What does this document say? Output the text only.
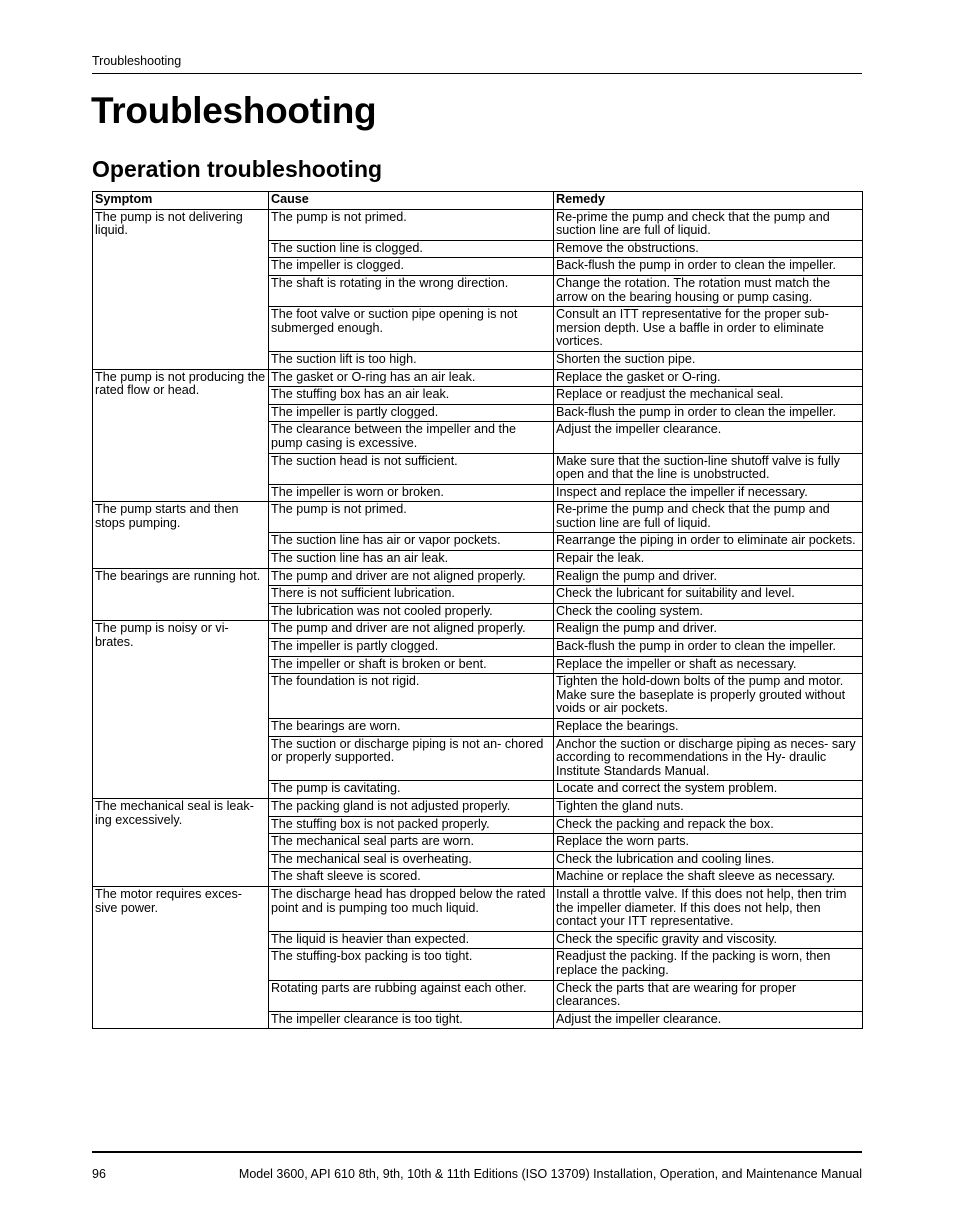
Troubleshooting
Troubleshooting
Operation troubleshooting
Symptom	Cause	Remedy
The pump is not delivering liquid.	The pump is not primed.	Re-prime the pump and check that the pump and suction line are full of liquid.
	The suction line is clogged.	Remove the obstructions.
	The impeller is clogged.	Back-flush the pump in order to clean the impeller.
	The shaft is rotating in the wrong direction.	Change the rotation. The rotation must match the arrow on the bearing housing or pump casing.
	The foot valve or suction pipe opening is not submerged enough.	Consult an ITT representative for the proper sub- mersion depth. Use a baffle in order to eliminate vortices.
	The suction lift is too high.	Shorten the suction pipe.
The pump is not producing the rated flow or head.	The gasket or O-ring has an air leak.	Replace the gasket or O-ring.
	The stuffing box has an air leak.	Replace or readjust the mechanical seal.
	The impeller is partly clogged.	Back-flush the pump in order to clean the impeller.
	The clearance between the impeller and the pump casing is excessive.	Adjust the impeller clearance.
	The suction head is not sufficient.	Make sure that the suction-line shutoff valve is fully open and that the line is unobstructed.
	The impeller is worn or broken.	Inspect and replace the impeller if necessary.
The pump starts and then stops pumping.	The pump is not primed.	Re-prime the pump and check that the pump and suction line are full of liquid.
	The suction line has air or vapor pockets.	Rearrange the piping in order to eliminate air pockets.
	The suction line has an air leak.	Repair the leak.
The bearings are running hot.	The pump and driver are not aligned properly.	Realign the pump and driver.
	There is not sufficient lubrication.	Check the lubricant for suitability and level.
	The lubrication was not cooled properly.	Check the cooling system.
The pump is noisy or vi- brates.	The pump and driver are not aligned properly.	Realign the pump and driver.
	The impeller is partly clogged.	Back-flush the pump in order to clean the impeller.
	The impeller or shaft is broken or bent.	Replace the impeller or shaft as necessary.
	The foundation is not rigid.	Tighten the hold-down bolts of the pump and motor. Make sure the baseplate is properly grouted without voids or air pockets.
	The bearings are worn.	Replace the bearings.
	The suction or discharge piping is not an- chored or properly supported.	Anchor the suction or discharge piping as neces- sary according to recommendations in the Hy- draulic Institute Standards Manual.
	The pump is cavitating.	Locate and correct the system problem.
The mechanical seal is leak- ing excessively.	The packing gland is not adjusted properly.	Tighten the gland nuts.
	The stuffing box is not packed properly.	Check the packing and repack the box.
	The mechanical seal parts are worn.	Replace the worn parts.
	The mechanical seal is overheating.	Check the lubrication and cooling lines.
	The shaft sleeve is scored.	Machine or replace the shaft sleeve as necessary.
The motor requires exces- sive power.	The discharge head has dropped below the rated point and is pumping too much liquid.	Install a throttle valve. If this does not help, then trim the impeller diameter. If this does not help, then contact your ITT representative.
	The liquid is heavier than expected.	Check the specific gravity and viscosity.
	The stuffing-box packing is too tight.	Readjust the packing. If the packing is worn, then replace the packing.
	Rotating parts are rubbing against each other.	Check the parts that are wearing for proper clearances.
	The impeller clearance is too tight.	Adjust the impeller clearance.
96	Model 3600, API 610 8th, 9th, 10th & 11th Editions (ISO 13709) Installation, Operation, and Maintenance Manual
